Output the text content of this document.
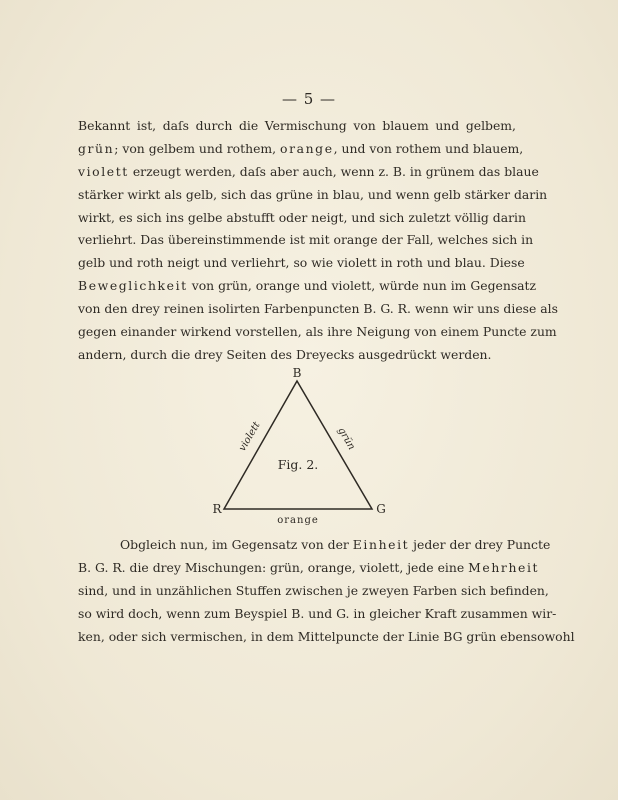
— 5 —
Bekannt ist, daſs durch die Vermischung von blauem und gelbem,
grün; von gelbem und rothem, orange, und von rothem und blauem,
violett erzeugt werden, daſs aber auch, wenn z. B. in grünem das blaue
stärker wirkt als gelb, sich das grüne in blau, und wenn gelb stärker darin
wirkt, es sich ins gelbe abstufft oder neigt, und sich zuletzt völlig darin
verliehrt. Das übereinstimmende ist mit orange der Fall, welches sich in
gelb und roth neigt und verliehrt, so wie violett in roth und blau. Diese
Beweglichkeit von grün, orange und violett, würde nun im Gegensatz
von den drey reinen isolirten Farbenpuncten B. G. R. wenn wir uns diese als
gegen einander wirkend vorstellen, als ihre Neigung von einem Puncte zum
andern, durch die drey Seiten des Dreyecks ausgedrückt werden.
B
R	G
violett	grün
orange
Fig. 2.
Obgleich nun, im Gegensatz von der Einheit jeder der drey Puncte
B. G. R. die drey Mischungen: grün, orange, violett, jede eine Mehrheit
sind, und in unzählichen Stuffen zwischen je zweyen Farben sich befinden,
so wird doch, wenn zum Beyspiel B. und G. in gleicher Kraft zusammen wir-
ken, oder sich vermischen, in dem Mittelpuncte der Linie BG grün ebensowohl
